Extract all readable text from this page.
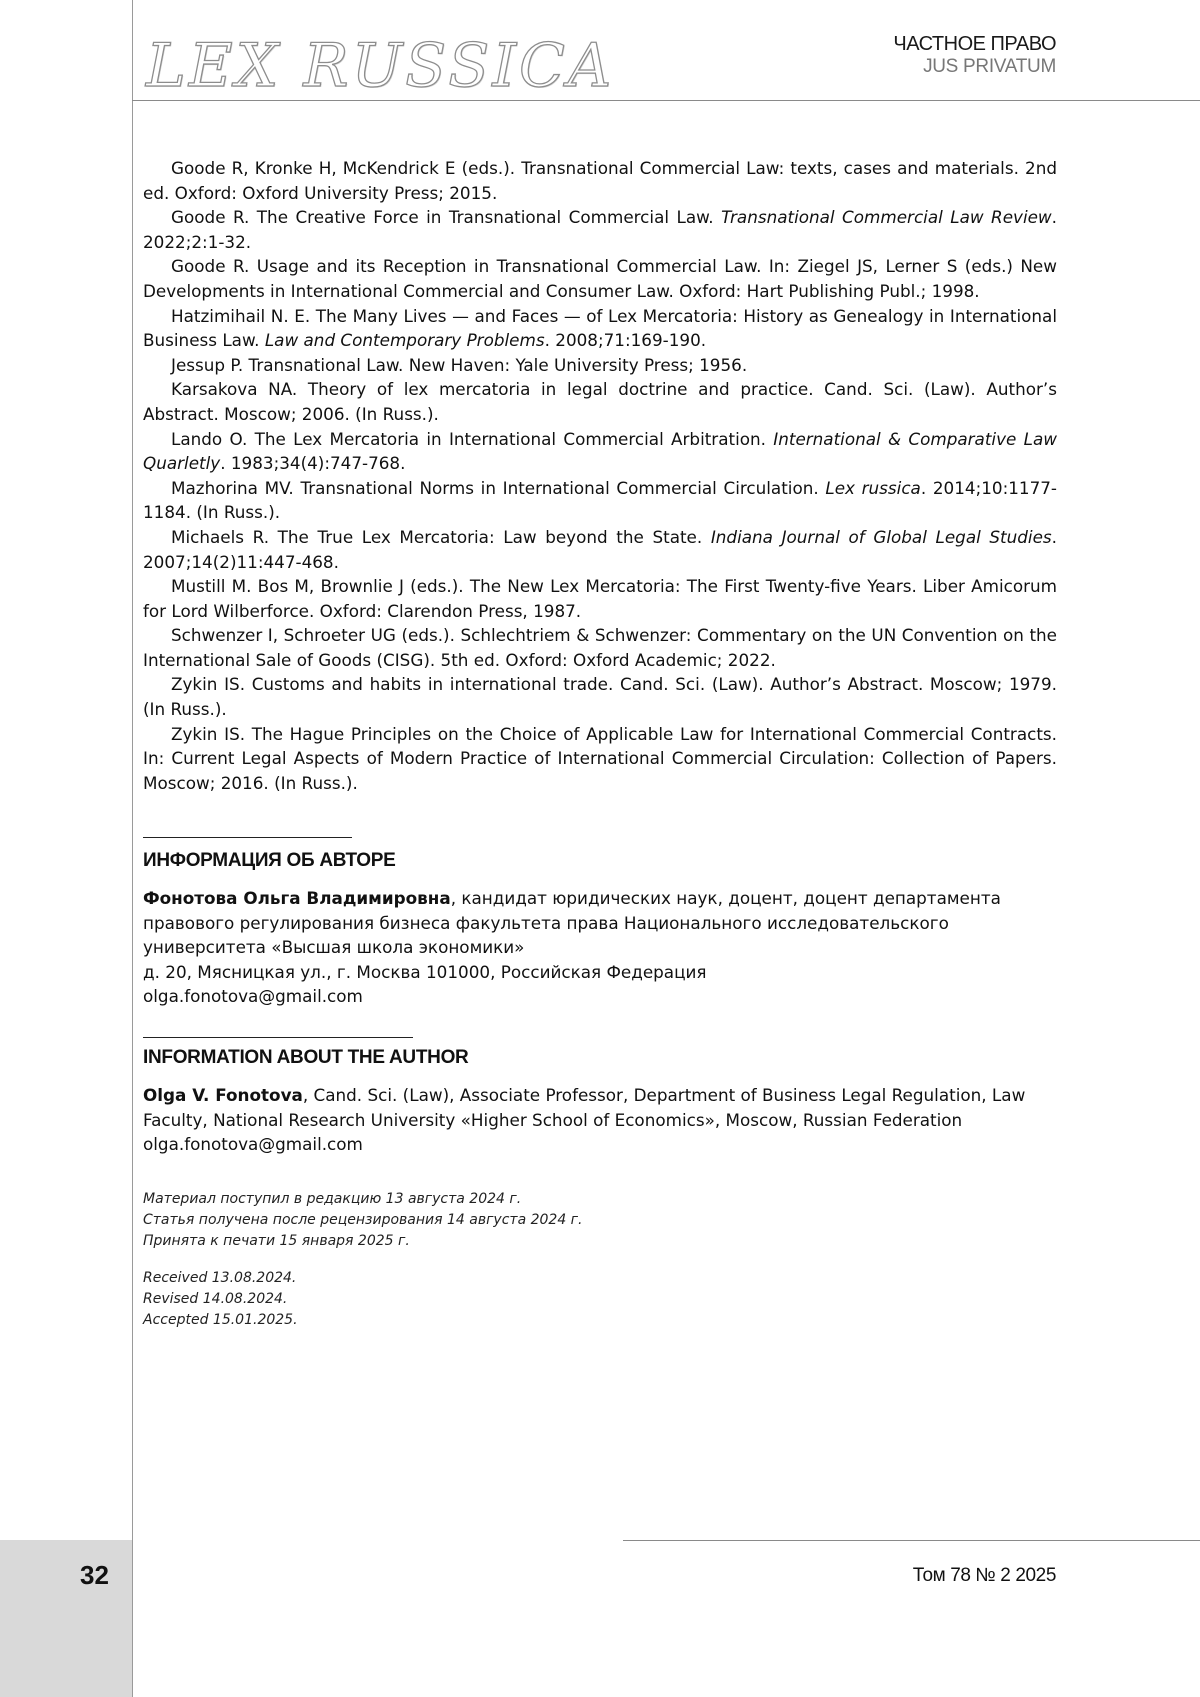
LEX RUSSICA	ЧАСТНОЕ ПРАВО
JUS PRIVATUM

Goode R, Kronke H, McKendrick E (eds.). Transnational Commercial Law: texts, cases and materials. 2nd ed. Oxford: Oxford University Press; 2015.

Goode R. The Creative Force in Transnational Commercial Law. Transnational Commercial Law Review. 2022;2:1-32.

Goode R. Usage and its Reception in Transnational Commercial Law. In: Ziegel JS, Lerner S (eds.) New Developments in International Commercial and Consumer Law. Oxford: Hart Publishing Publ.; 1998.

Hatzimihail N. E. The Many Lives — and Faces — of Lex Mercatoria: History as Genealogy in International Business Law. Law and Contemporary Problems. 2008;71:169-190.

Jessup P. Transnational Law. New Haven: Yale University Press; 1956.

Karsakova NA. Theory of lex mercatoria in legal doctrine and practice. Cand. Sci. (Law). Author’s Abstract. Moscow; 2006. (In Russ.).

Lando O. The Lex Mercatoria in International Commercial Arbitration. International & Comparative Law Quarletly. 1983;34(4):747-768.

Mazhorina MV. Transnational Norms in International Commercial Circulation. Lex russica. 2014;10:1177-1184. (In Russ.).

Michaels R. The True Lex Mercatoria: Law beyond the State. Indiana Journal of Global Legal Studies. 2007;14(2)11:447-468.

Mustill M. Bos M, Brownlie J (eds.). The New Lex Mercatoria: The First Twenty-five Years. Liber Amicorum for Lord Wilberforce. Oxford: Clarendon Press, 1987.

Schwenzer I, Schroeter UG (eds.). Schlechtriem & Schwenzer: Commentary on the UN Convention on the International Sale of Goods (CISG). 5th ed. Oxford: Oxford Academic; 2022.

Zykin IS. Customs and habits in international trade. Cand. Sci. (Law). Author’s Abstract. Moscow; 1979. (In Russ.).

Zykin IS. The Hague Principles on the Choice of Applicable Law for International Commercial Contracts. In: Current Legal Aspects of Modern Practice of International Commercial Circulation: Collection of Papers. Moscow; 2016. (In Russ.).

ИНФОРМАЦИЯ ОБ АВТОРЕ

Фонотова Ольга Владимировна, кандидат юридических наук, доцент, доцент департамента правового регулирования бизнеса факультета права Национального исследовательского университета «Высшая школа экономики»

д. 20, Мясницкая ул., г. Москва 101000, Российская Федерация

olga.fonotova@gmail.com

INFORMATION ABOUT THE AUTHOR

Olga V. Fonotova, Cand. Sci. (Law), Associate Professor, Department of Business Legal Regulation, Law Faculty, National Research University «Higher School of Economics», Moscow, Russian Federation

olga.fonotova@gmail.com

Материал поступил в редакцию 13 августа 2024 г.

Статья получена после рецензирования 14 августа 2024 г.

Принята к печати 15 января 2025 г.

Received 13.08.2024.

Revised 14.08.2024.

Accepted 15.01.2025.

32	Том 78 № 2 2025
